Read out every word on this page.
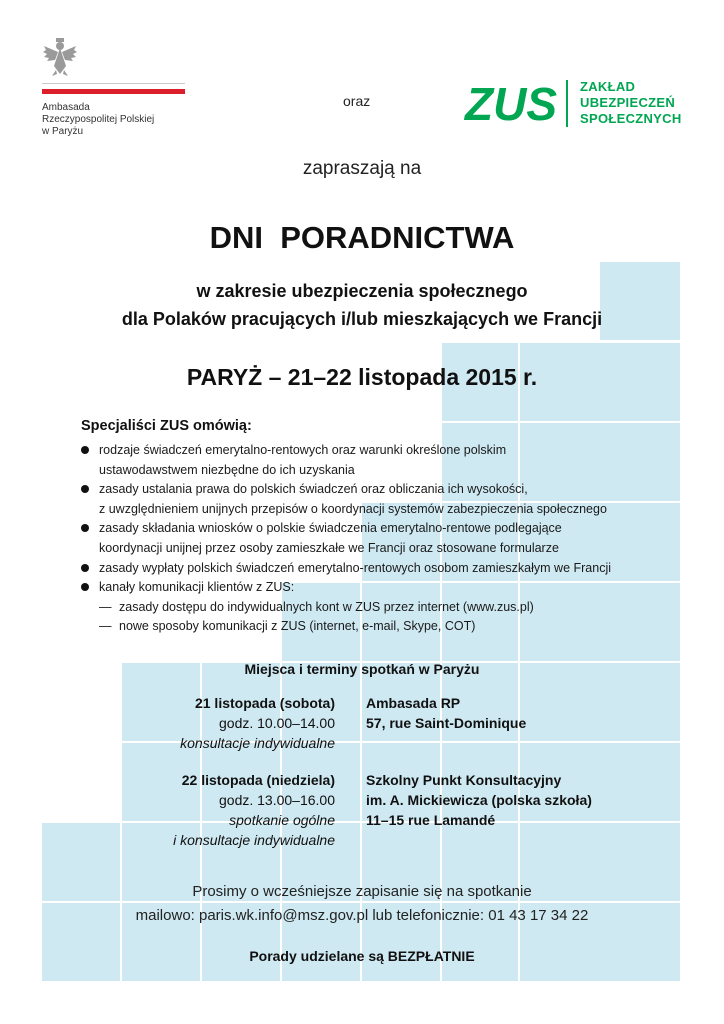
Ambasada
Rzeczypospolitej Polskiej
w Paryżu
oraz ZUS ZAKŁAD
UBEZPIECZEŃ
SPOŁECZNYCH
zapraszają na
DNI  PORADNICTWA
w zakresie ubezpieczenia społecznego
dla Polaków pracujących i/lub mieszkających we Francji
PARYŻ – 21–22 listopada 2015 r.
Specjaliści ZUS omówią:
rodzaje świadczeń emerytalno-rentowych oraz warunki określone polskim
ustawodawstwem niezbędne do ich uzyskania
zasady ustalania prawa do polskich świadczeń oraz obliczania ich wysokości,
z uwzględnieniem unijnych przepisów o koordynacji systemów zabezpieczenia społecznego
zasady składania wniosków o polskie świadczenia emerytalno-rentowe podlegające
koordynacji unijnej przez osoby zamieszkałe we Francji oraz stosowane formularze
zasady wypłaty polskich świadczeń emerytalno-rentowych osobom zamieszkałym we Francji
kanały komunikacji klientów z ZUS:
— zasady dostępu do indywidualnych kont w ZUS przez internet (www.zus.pl)
— nowe sposoby komunikacji z ZUS (internet, e-mail, Skype, COT)
Miejsca i terminy spotkań w Paryżu
21 listopada (sobota)
godz. 10.00–14.00
konsultacje indywidualne
Ambasada RP
57, rue Saint-Dominique
22 listopada (niedziela)
godz. 13.00–16.00
spotkanie ogólne
i konsultacje indywidualne
Szkolny Punkt Konsultacyjny
im. A. Mickiewicza (polska szkoła)
11–15 rue Lamandé
Prosimy o wcześniejsze zapisanie się na spotkanie
mailowo: paris.wk.info@msz.gov.pl lub telefonicznie: 01 43 17 34 22
Porady udzielane są BEZPŁATNIE
